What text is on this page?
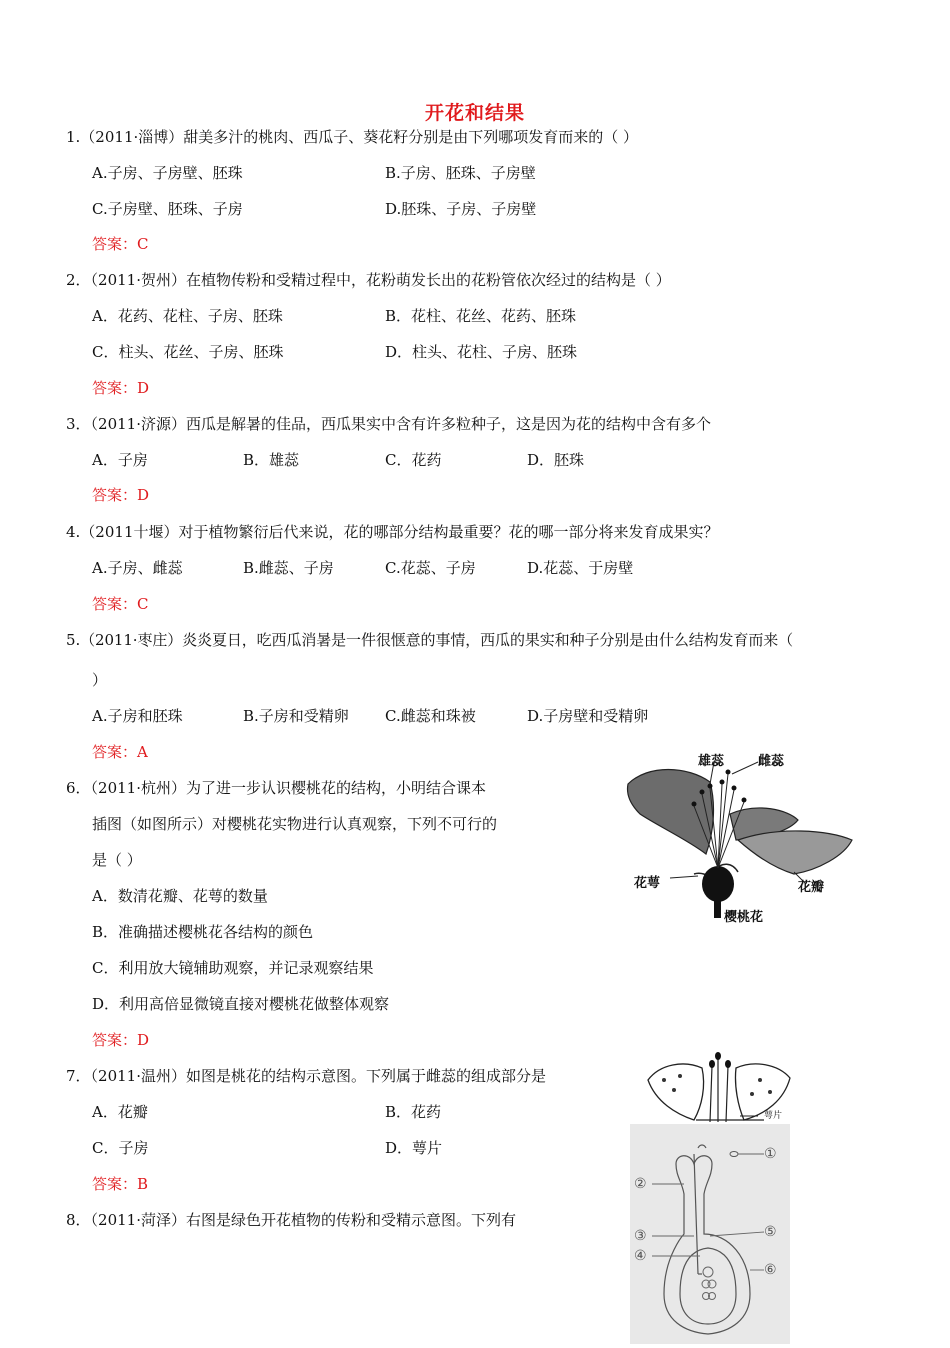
开花和结果
1.（2011·淄博）甜美多汁的桃肉、西瓜子、葵花籽分别是由下列哪项发育而来的（ ）
A.子房、子房壁、胚珠	B.子房、胚珠、子房壁
C.子房壁、胚珠、子房	D.胚珠、子房、子房壁
答案：C
2．（2011·贺州）在植物传粉和受精过程中，花粉萌发长出的花粉管依次经过的结构是（ ）
A．花药、花柱、子房、胚珠	B．花柱、花丝、花药、胚珠
C．柱头、花丝、子房、胚珠	D．柱头、花柱、子房、胚珠
答案：D
3．（2011·济源）西瓜是解暑的佳品，西瓜果实中含有许多粒种子，这是因为花的结构中含有多个
A．子房	B．雄蕊	C．花药	D．胚珠
答案：D
4.（2011十堰）对于植物繁衍后代来说，花的哪部分结构最重要？花的哪一部分将来发育成果实？
A.子房、雌蕊	B.雌蕊、子房	C.花蕊、子房	D.花蕊、于房壁
答案：C
5.（2011·枣庄）炎炎夏日，吃西瓜消暑是一件很惬意的事情，西瓜的果实和种子分别是由什么结构发育而来（
）
A.子房和胚珠	B.子房和受精卵 C.雌蕊和珠被	D.子房壁和受精卵
答案：A
6．（2011·杭州）为了进一步认识樱桃花的结构，小明结合课本
插图（如图所示）对樱桃花实物进行认真观察，下列不可行的
是（ ）
A．数清花瓣、花萼的数量
B．准确描述樱桃花各结构的颜色
C．利用放大镜辅助观察，并记录观察结果
D．利用高倍显微镜直接对樱桃花做整体观察
答案：D
雄蕊	雌蕊
花萼	花瓣
樱桃花
7．（2011·温州）如图是桃花的结构示意图。下列属于雌蕊的组成部分是
A．花瓣	B．花药
C．子房	D．萼片
答案：B
萼片
8．（2011·菏泽）右图是绿色开花植物的传粉和受精示意图。下列有
①
②
③
④
⑤
⑥
